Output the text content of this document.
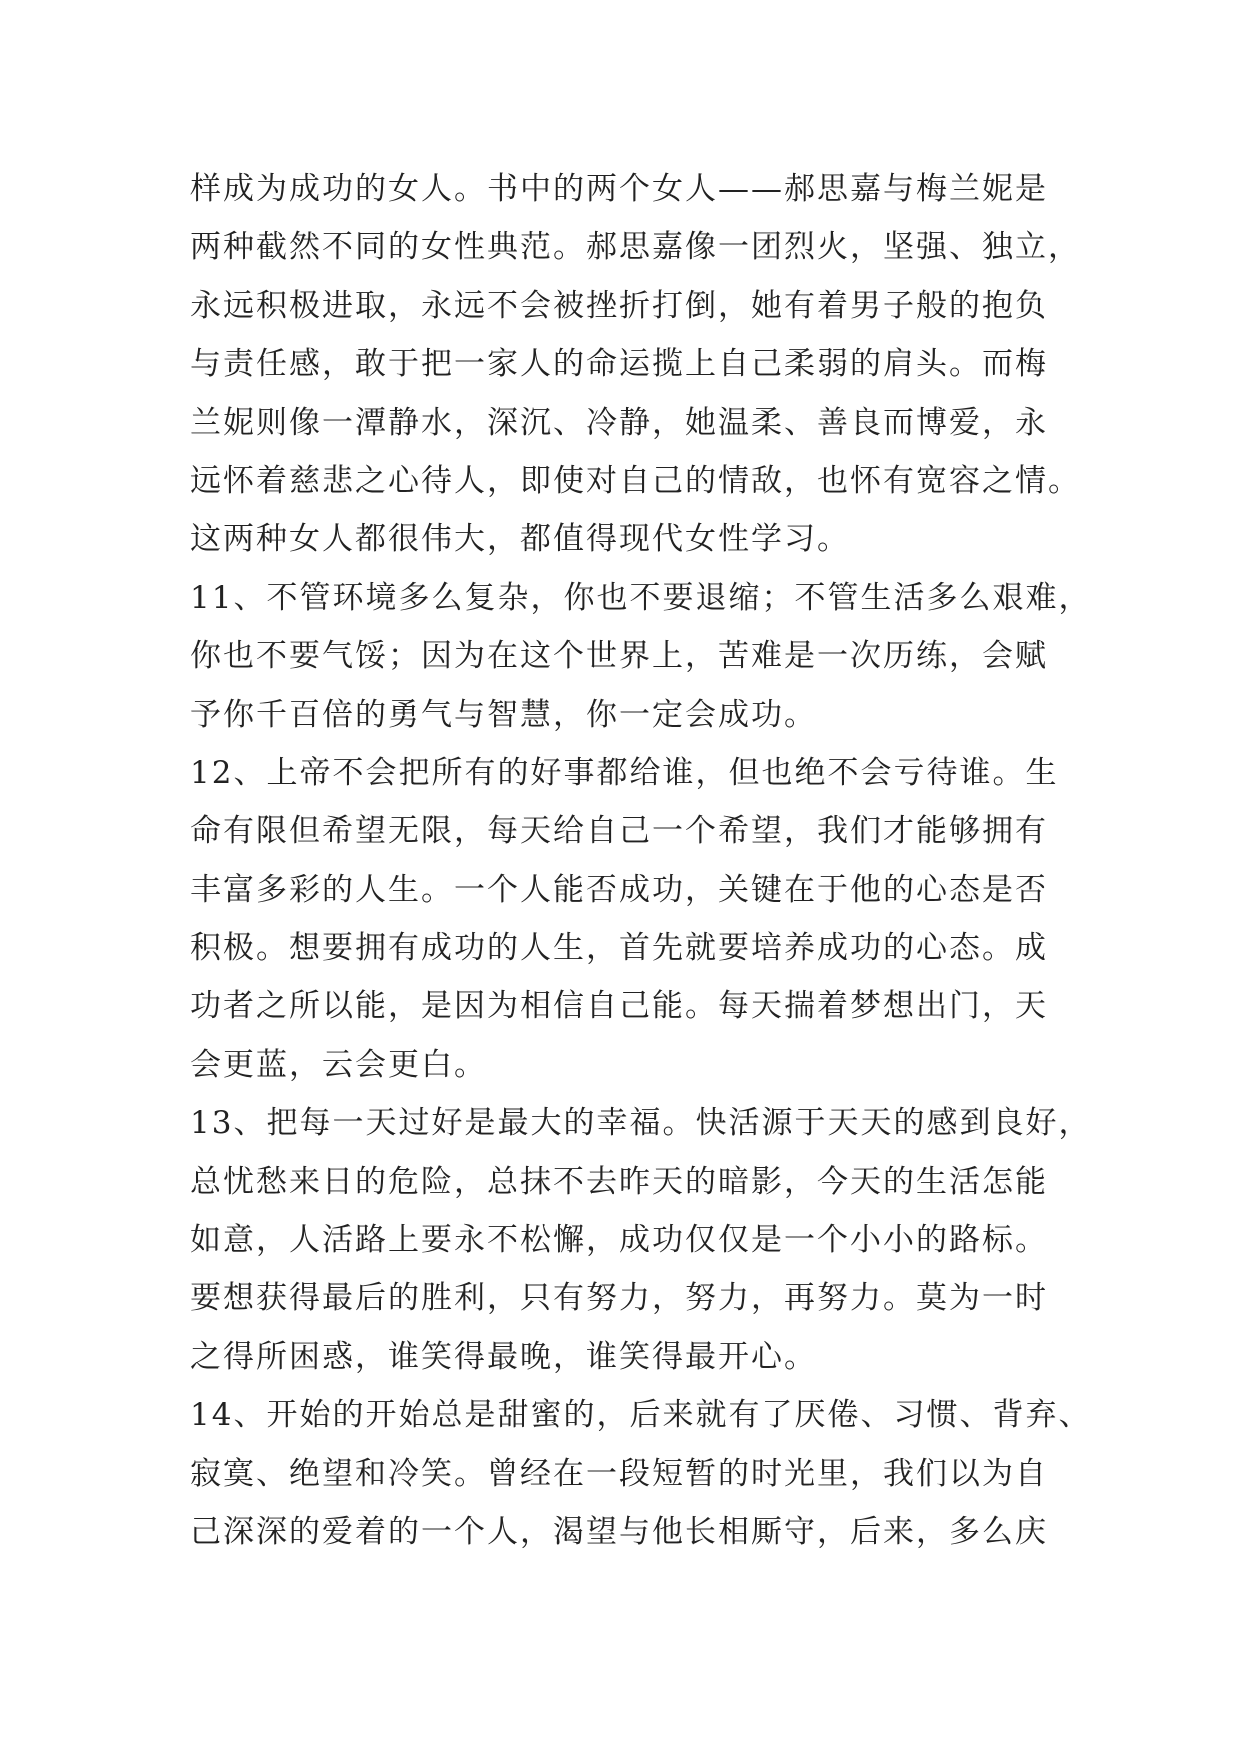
样成为成功的女人。书中的两个女人——郝思嘉与梅兰妮是
两种截然不同的女性典范。郝思嘉像一团烈火，坚强、独立，
永远积极进取，永远不会被挫折打倒，她有着男子般的抱负
与责任感，敢于把一家人的命运揽上自己柔弱的肩头。而梅
兰妮则像一潭静水，深沉、冷静，她温柔、善良而博爱，永
远怀着慈悲之心待人，即使对自己的情敌，也怀有宽容之情。
这两种女人都很伟大，都值得现代女性学习。
11、不管环境多么复杂，你也不要退缩；不管生活多么艰难，
你也不要气馁；因为在这个世界上，苦难是一次历练，会赋
予你千百倍的勇气与智慧，你一定会成功。
12、上帝不会把所有的好事都给谁，但也绝不会亏待谁。生
命有限但希望无限，每天给自己一个希望，我们才能够拥有
丰富多彩的人生。一个人能否成功，关键在于他的心态是否
积极。想要拥有成功的人生，首先就要培养成功的心态。成
功者之所以能，是因为相信自己能。每天揣着梦想出门，天
会更蓝，云会更白。
13、把每一天过好是最大的幸福。快活源于天天的感到良好，
总忧愁来日的危险，总抹不去昨天的暗影，今天的生活怎能
如意，人活路上要永不松懈，成功仅仅是一个小小的路标。
要想获得最后的胜利，只有努力，努力，再努力。莫为一时
之得所困惑，谁笑得最晚，谁笑得最开心。
14、开始的开始总是甜蜜的，后来就有了厌倦、习惯、背弃、
寂寞、绝望和冷笑。曾经在一段短暂的时光里，我们以为自
己深深的爱着的一个人，渴望与他长相厮守，后来，多么庆
